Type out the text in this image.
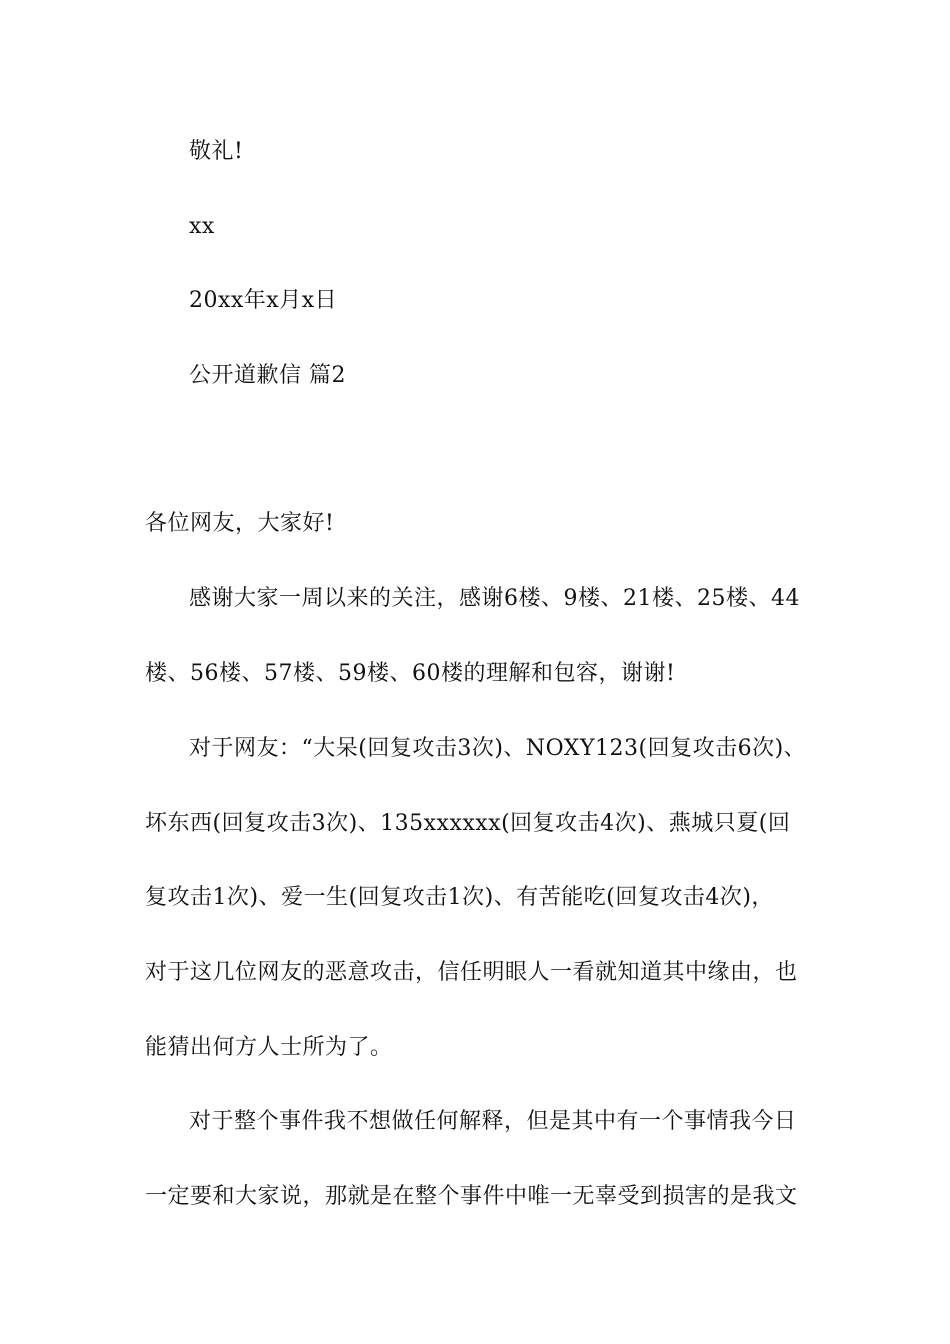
敬礼!
xx
20xx年x月x日
公开道歉信 篇2
各位网友，大家好!
感谢大家一周以来的关注，感谢6楼、9楼、21楼、25楼、44
楼、56楼、57楼、59楼、60楼的理解和包容，谢谢!
对于网友：“大呆(回复攻击3次)、NOXY123(回复攻击6次)、
坏东西(回复攻击3次)、135xxxxxx(回复攻击4次)、燕城只夏(回
复攻击1次)、爱一生(回复攻击1次)、有苦能吃(回复攻击4次)，
对于这几位网友的恶意攻击，信任明眼人一看就知道其中缘由，也
能猜出何方人士所为了。
对于整个事件我不想做任何解释，但是其中有一个事情我今日
一定要和大家说，那就是在整个事件中唯一无辜受到损害的是我文
